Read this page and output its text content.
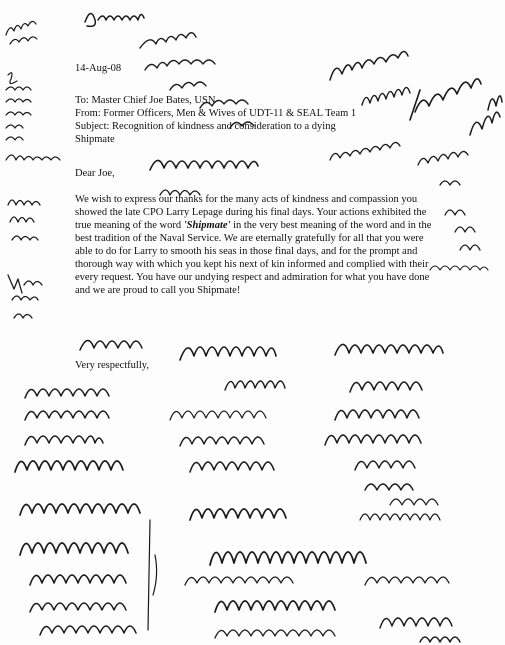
14-Aug-08
To: Master Chief Joe Bates, USN
From: Former Officers, Men & Wives of UDT-11 & SEAL Team 1
Subject: Recognition of kindness and consideration to a dying
Shipmate
Dear Joe,
We wish to express our thanks for the many acts of kindness and compassion you showed the late CPO Larry Lepage during his final days. Your actions exhibited the true meaning of the word 'Shipmate' in the very best meaning of the word and in the best tradition of the Naval Service. We are eternally gratefully for all that you were able to do for Larry to smooth his seas in those final days, and for the prompt and thorough way with which you kept his next of kin informed and complied with their every request. You have our undying respect and admiration for what you have done and we are proud to call you Shipmate!
Very respectfully,
